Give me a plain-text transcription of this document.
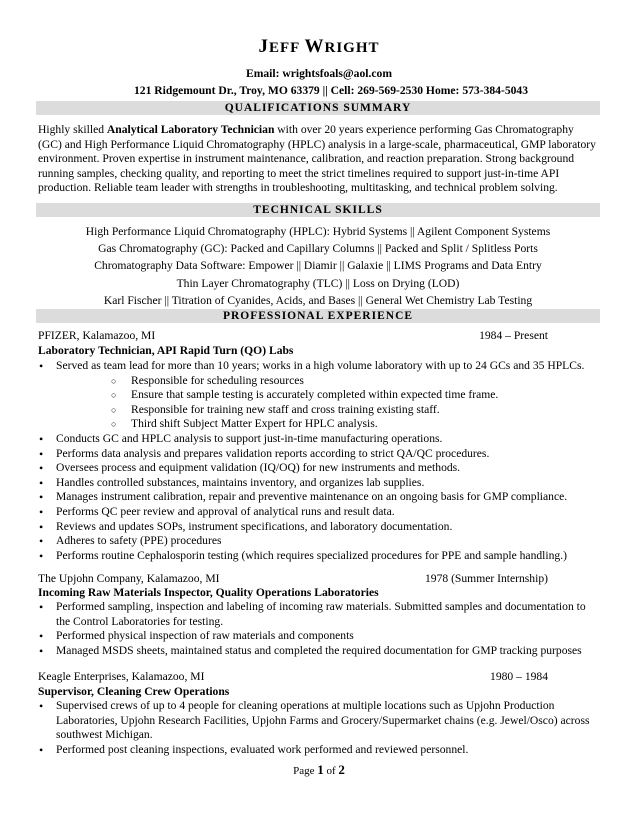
JEFF WRIGHT
Email: wrightsfoals@aol.com
121 Ridgemount Dr., Troy, MO 63379 || Cell: 269-569-2530 Home: 573-384-5043
QUALIFICATIONS SUMMARY
Highly skilled Analytical Laboratory Technician with over 20 years experience performing Gas Chromatography (GC) and High Performance Liquid Chromatography (HPLC) analysis in a large-scale, pharmaceutical, GMP laboratory environment. Proven expertise in instrument maintenance, calibration, and reaction preparation. Strong background running samples, checking quality, and reporting to meet the strict timelines required to support just-in-time API production. Reliable team leader with strengths in troubleshooting, multitasking, and technical problem solving.
TECHNICAL SKILLS
High Performance Liquid Chromatography (HPLC): Hybrid Systems || Agilent Component Systems
Gas Chromatography (GC): Packed and Capillary Columns || Packed and Split / Splitless Ports
Chromatography Data Software: Empower || Diamir || Galaxie || LIMS Programs and Data Entry
Thin Layer Chromatography (TLC) || Loss on Drying (LOD)
Karl Fischer || Titration of Cyanides, Acids, and Bases || General Wet Chemistry Lab Testing
PROFESSIONAL EXPERIENCE
PFIZER, Kalamazoo, MI	1984 – Present
Laboratory Technician, API Rapid Turn (QO) Labs
• Served as team lead for more than 10 years; works in a high volume laboratory with up to 24 GCs and 35 HPLCs.
○ Responsible for scheduling resources
○ Ensure that sample testing is accurately completed within expected time frame.
○ Responsible for training new staff and cross training existing staff.
○ Third shift Subject Matter Expert for HPLC analysis.
• Conducts GC and HPLC analysis to support just-in-time manufacturing operations.
• Performs data analysis and prepares validation reports according to strict QA/QC procedures.
• Oversees process and equipment validation (IQ/OQ) for new instruments and methods.
• Handles controlled substances, maintains inventory, and organizes lab supplies.
• Manages instrument calibration, repair and preventive maintenance on an ongoing basis for GMP compliance.
• Performs QC peer review and approval of analytical runs and result data.
• Reviews and updates SOPs, instrument specifications, and laboratory documentation.
• Adheres to safety (PPE) procedures
• Performs routine Cephalosporin testing (which requires specialized procedures for PPE and sample handling.)
The Upjohn Company, Kalamazoo, MI	1978 (Summer Internship)
Incoming Raw Materials Inspector, Quality Operations Laboratories
• Performed sampling, inspection and labeling of incoming raw materials. Submitted samples and documentation to the Control Laboratories for testing.
• Performed physical inspection of raw materials and components
• Managed MSDS sheets, maintained status and completed the required documentation for GMP tracking purposes
Keagle Enterprises, Kalamazoo, MI	1980 – 1984
Supervisor, Cleaning Crew Operations
• Supervised crews of up to 4 people for cleaning operations at multiple locations such as Upjohn Production Laboratories, Upjohn Research Facilities, Upjohn Farms and Grocery/Supermarket chains (e.g. Jewel/Osco) across southwest Michigan.
• Performed post cleaning inspections, evaluated work performed and reviewed personnel.
Page 1 of 2
